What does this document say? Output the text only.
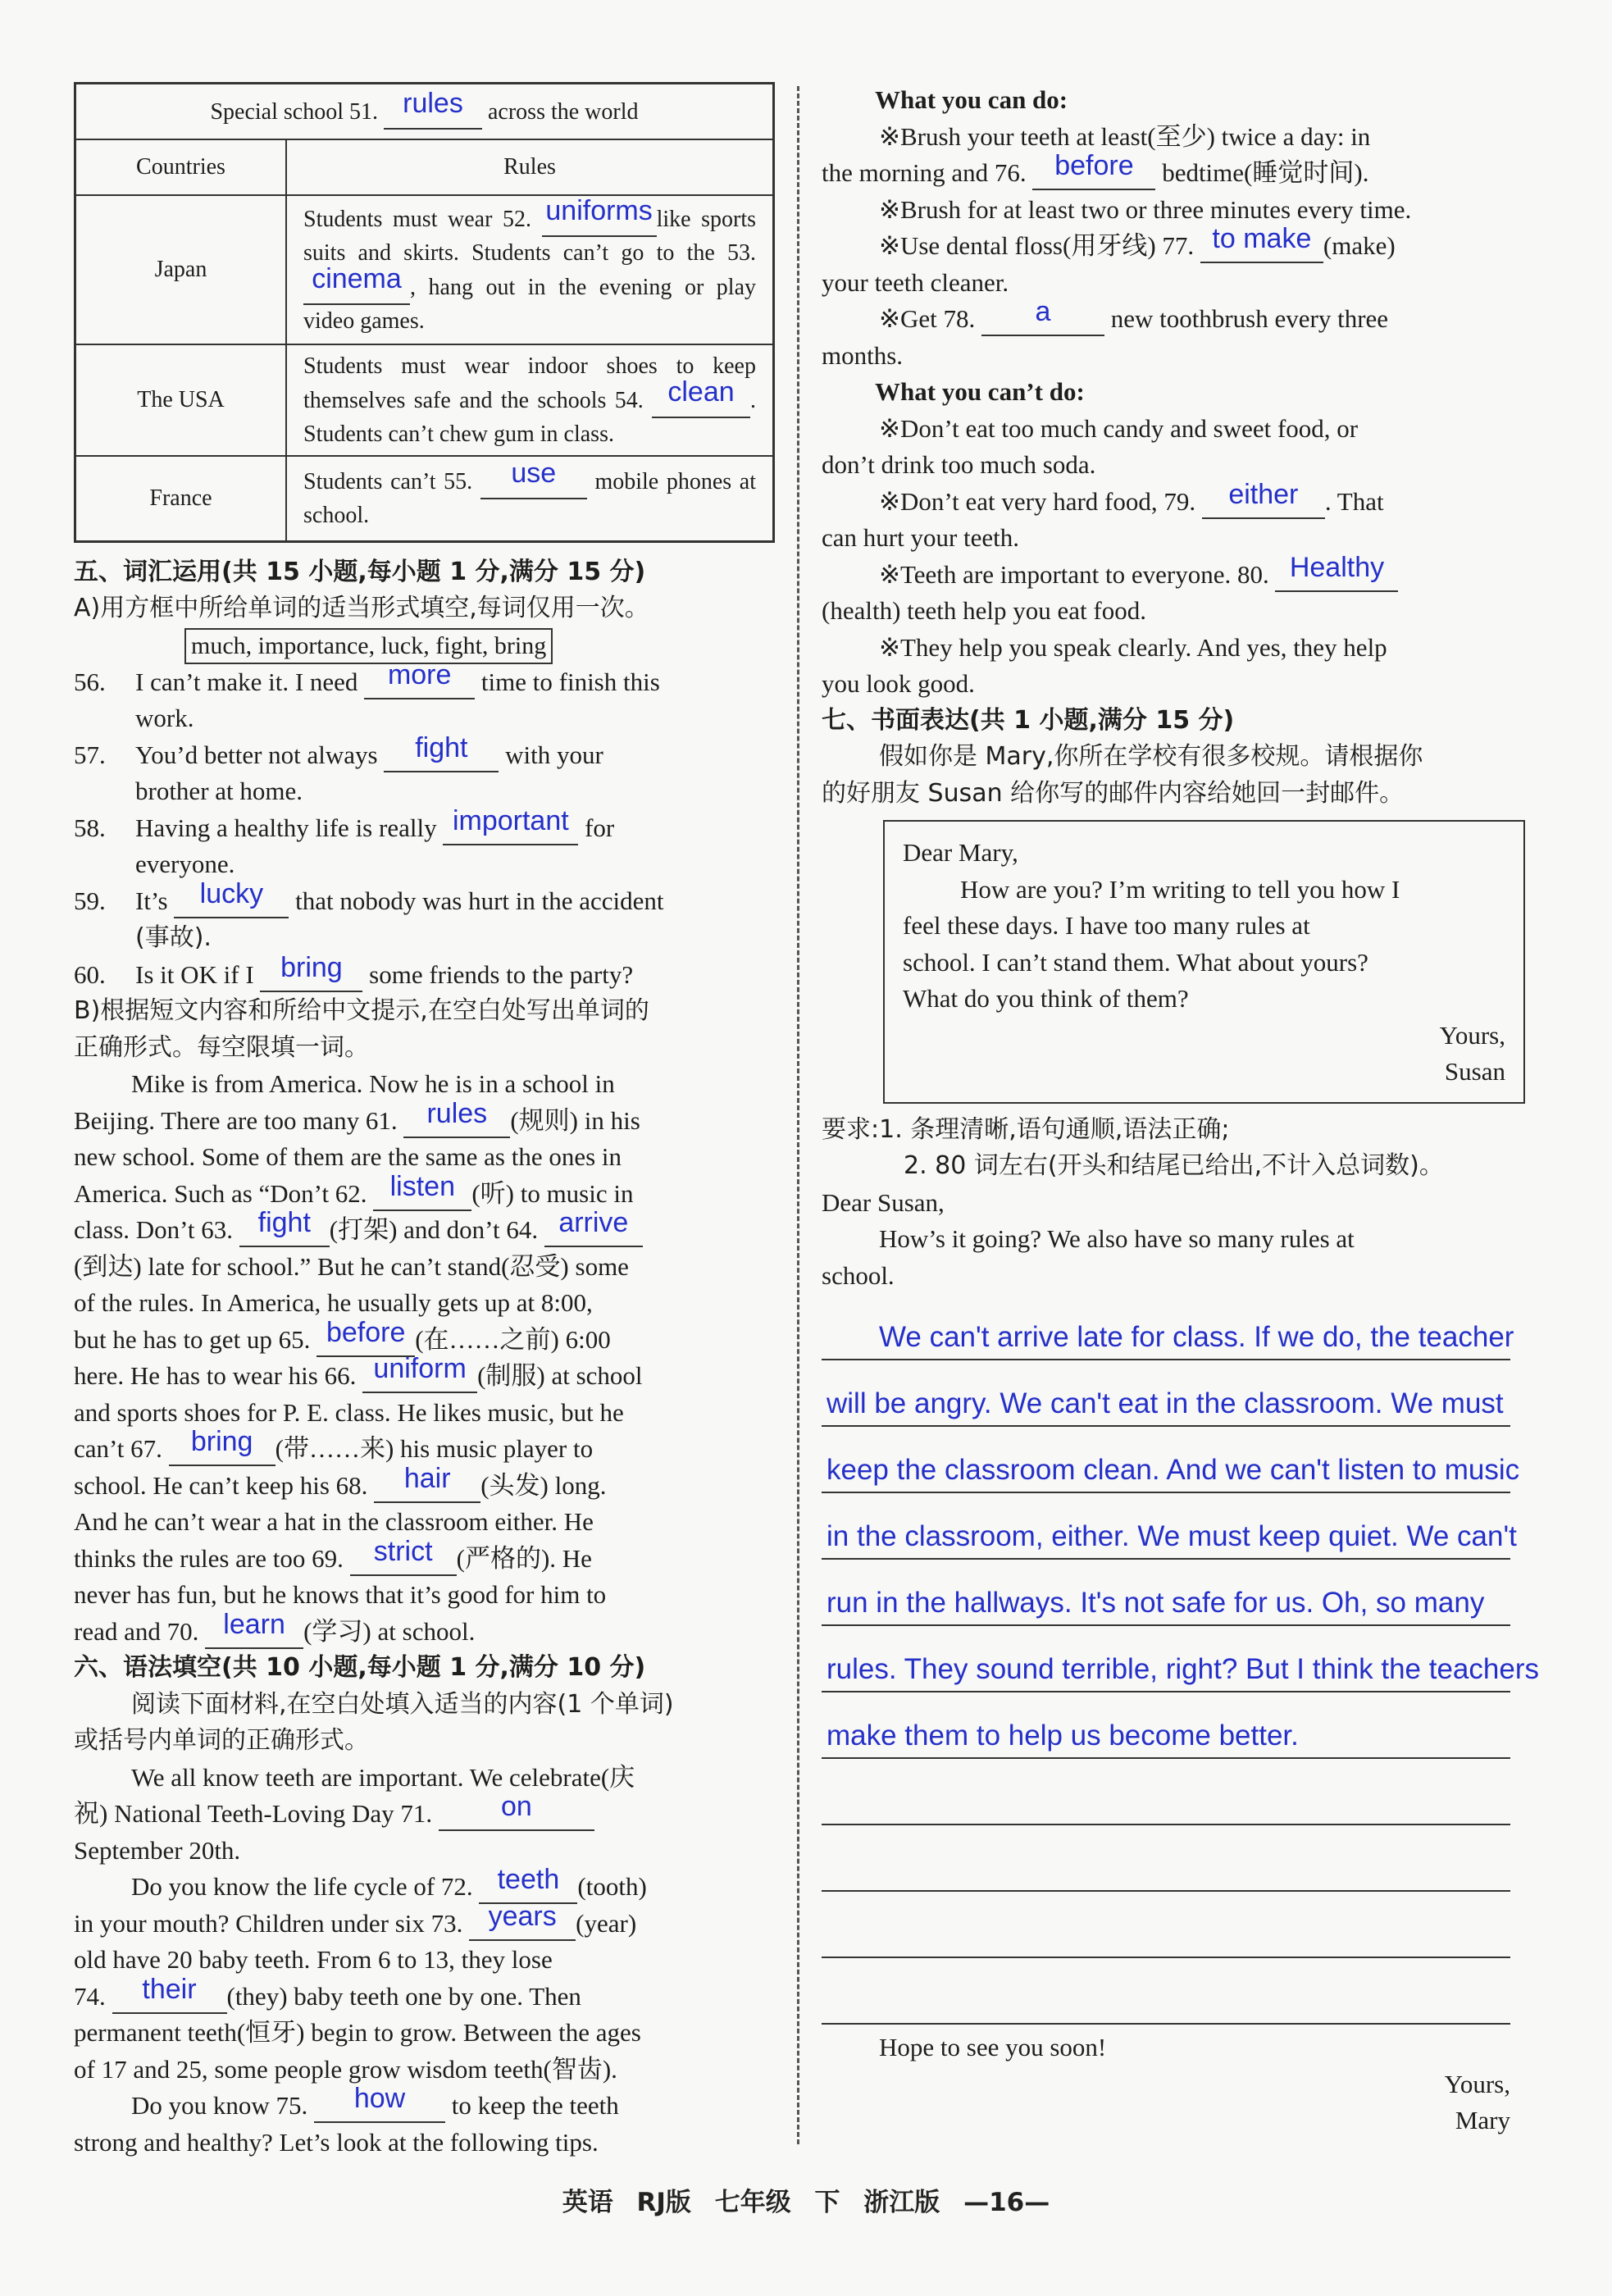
Special school 51. rules across the world	
Countries	Rules
Japan	Students must wear 52. uniforms like sports suits and skirts. Students can’t go to the 53. cinema , hang out in the evening or play video games.
The USA	Students must wear indoor shoes to keep themselves safe and the schools 54. clean . Students can’t chew gum in class.
France	Students can’t 55. use mobile phones at school.
五、词汇运用(共 15 小题,每小题 1 分,满分 15 分)
A)用方框中所给单词的适当形式填空,每词仅用一次。
much, importance, luck, fight, bring
56. I can’t make it. I need more time to finish this
work.
57. You’d better not always fight with your
brother at home.
58. Having a healthy life is really important for
everyone.
59. It’s lucky that nobody was hurt in the accident
(事故).
60. Is it OK if I bring some friends to the party?
B)根据短文内容和所给中文提示,在空白处写出单词的
正确形式。每空限填一词。
Mike is from America. Now he is in a school in
Beijing. There are too many 61. rules (规则) in his
new school. Some of them are the same as the ones in
America. Such as “Don’t 62. listen (听) to music in
class. Don’t 63. fight (打架) and don’t 64. arrive
(到达) late for school.” But he can’t stand(忍受) some
of the rules. In America, he usually gets up at 8:00,
but he has to get up 65. before (在……之前) 6:00
here. He has to wear his 66. uniform (制服) at school
and sports shoes for P. E. class. He likes music, but he
can’t 67. bring (带……来) his music player to
school. He can’t keep his 68. hair (头发) long.
And he can’t wear a hat in the classroom either. He
thinks the rules are too 69. strict (严格的). He
never has fun, but he knows that it’s good for him to
read and 70. learn (学习) at school.
六、语法填空(共 10 小题,每小题 1 分,满分 10 分)
阅读下面材料,在空白处填入适当的内容(1 个单词)
或括号内单词的正确形式。
We all know teeth are important. We celebrate(庆
祝) National Teeth-Loving Day 71. on
September 20th.
Do you know the life cycle of 72. teeth (tooth)
in your mouth? Children under six 73. years (year)
old have 20 baby teeth. From 6 to 13, they lose
74. their (they) baby teeth one by one. Then
permanent teeth(恒牙) begin to grow. Between the ages
of 17 and 25, some people grow wisdom teeth(智齿).
Do you know 75. how to keep the teeth
strong and healthy? Let’s look at the following tips.
What you can do:
※Brush your teeth at least(至少) twice a day: in
the morning and 76. before bedtime(睡觉时间).
※Brush for at least two or three minutes every time.
※Use dental floss(用牙线) 77. to make (make)
your teeth cleaner.
※Get 78. a new toothbrush every three
months.
What you can’t do:
※Don’t eat too much candy and sweet food, or
don’t drink too much soda.
※Don’t eat very hard food, 79. either . That
can hurt your teeth.
※Teeth are important to everyone. 80. Healthy
(health) teeth help you eat food.
※They help you speak clearly. And yes, they help
you look good.
七、书面表达(共 1 小题,满分 15 分)
假如你是 Mary,你所在学校有很多校规。请根据你
的好朋友 Susan 给你写的邮件内容给她回一封邮件。
Dear Mary,
How are you? I’m writing to tell you how I
feel these days. I have too many rules at
school. I can’t stand them. What about yours?
What do you think of them?
Yours,
Susan
要求:1. 条理清晰,语句通顺,语法正确;
2. 80 词左右(开头和结尾已给出,不计入总词数)。
Dear Susan,
How’s it going? We also have so many rules at
school.
We can't arrive late for class. If we do, the teacher
will be angry. We can't eat in the classroom. We must
keep the classroom clean. And we can't listen to music
in the classroom, either. We must keep quiet. We can't
run in the hallways. It's not safe for us. Oh, so many
rules. They sound terrible, right? But I think the teachers
make them to help us become better.
Hope to see you soon!
Yours,
Mary
英语 RJ版 七年级 下 浙江版 —16—
